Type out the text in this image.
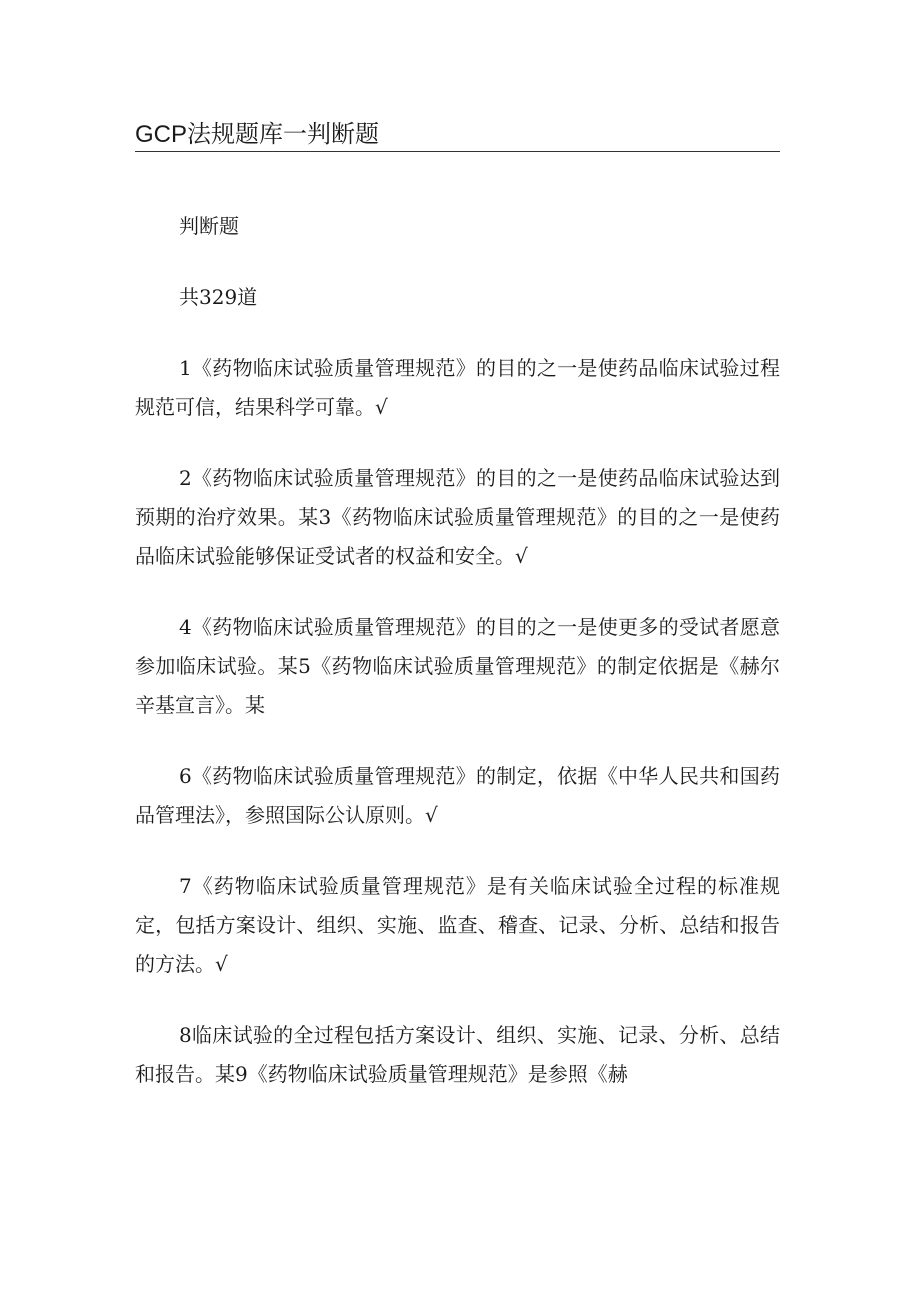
GCP法规题库一判断题

判断题

共329道

1《药物临床试验质量管理规范》的目的之一是使药品临床试验过程规范可信，结果科学可靠。√

2《药物临床试验质量管理规范》的目的之一是使药品临床试验达到预期的治疗效果。某3《药物临床试验质量管理规范》的目的之一是使药品临床试验能够保证受试者的权益和安全。√

4《药物临床试验质量管理规范》的目的之一是使更多的受试者愿意参加临床试验。某5《药物临床试验质量管理规范》的制定依据是《赫尔辛基宣言》。某

6《药物临床试验质量管理规范》的制定，依据《中华人民共和国药品管理法》，参照国际公认原则。√

7《药物临床试验质量管理规范》是有关临床试验全过程的标准规定，包括方案设计、组织、实施、监查、稽查、记录、分析、总结和报告的方法。√

8临床试验的全过程包括方案设计、组织、实施、记录、分析、总结和报告。某9《药物临床试验质量管理规范》是参照《赫
